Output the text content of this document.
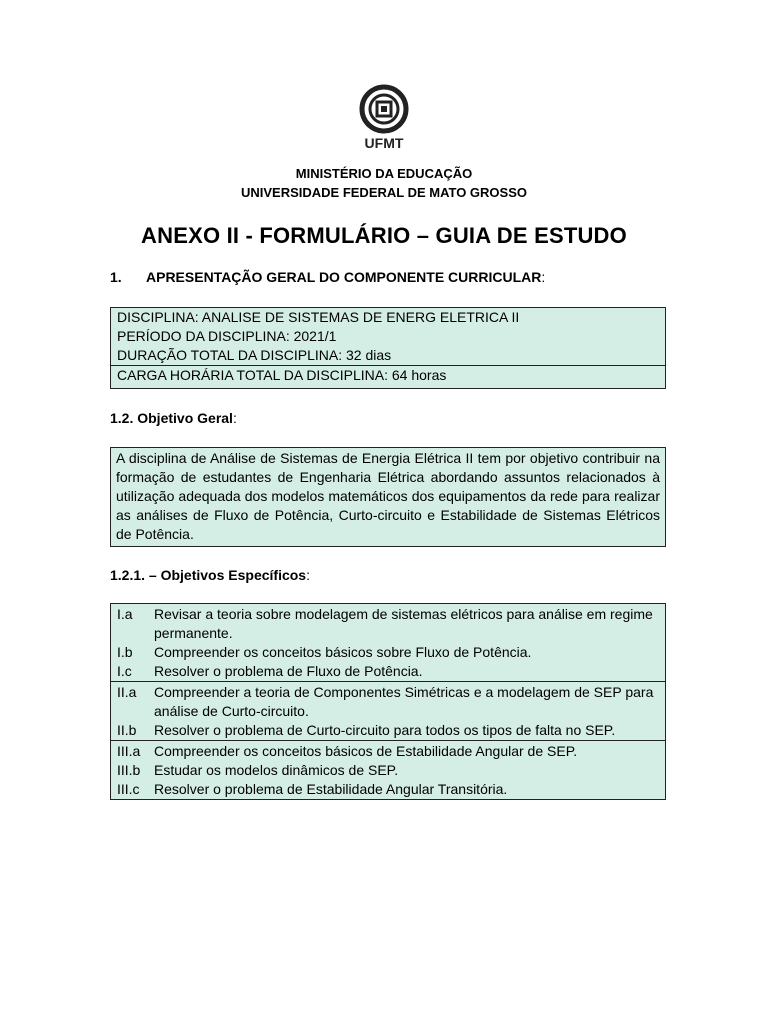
UFMT
MINISTÉRIO DA EDUCAÇÃO
UNIVERSIDADE FEDERAL DE MATO GROSSO
ANEXO II - FORMULÁRIO – GUIA DE ESTUDO
1. APRESENTAÇÃO GERAL DO COMPONENTE CURRICULAR:
DISCIPLINA: ANALISE DE SISTEMAS DE ENERG ELETRICA II
PERÍODO DA DISCIPLINA: 2021/1
DURAÇÃO TOTAL DA DISCIPLINA: 32 dias
CARGA HORÁRIA TOTAL DA DISCIPLINA: 64 horas
1.2. Objetivo Geral:

A disciplina de Análise de Sistemas de Energia Elétrica II tem por objetivo contribuir na formação de estudantes de Engenharia Elétrica abordando assuntos relacionados à utilização adequada dos modelos matemáticos dos equipamentos da rede para realizar as análises de Fluxo de Potência, Curto-circuito e Estabilidade de Sistemas Elétricos de Potência.

1.2.1. – Objetivos Específicos:
I.a	Revisar a teoria sobre modelagem de sistemas elétricos para análise em regime permanente.
I.b	Compreender os conceitos básicos sobre Fluxo de Potência.
I.c	Resolver o problema de Fluxo de Potência.
II.a	Compreender a teoria de Componentes Simétricas e a modelagem de SEP para análise de Curto-circuito.
II.b	Resolver o problema de Curto-circuito para todos os tipos de falta no SEP.
III.a Compreender os conceitos básicos de Estabilidade Angular de SEP.
III.b Estudar os modelos dinâmicos de SEP.
III.c	Resolver o problema de Estabilidade Angular Transitória.
